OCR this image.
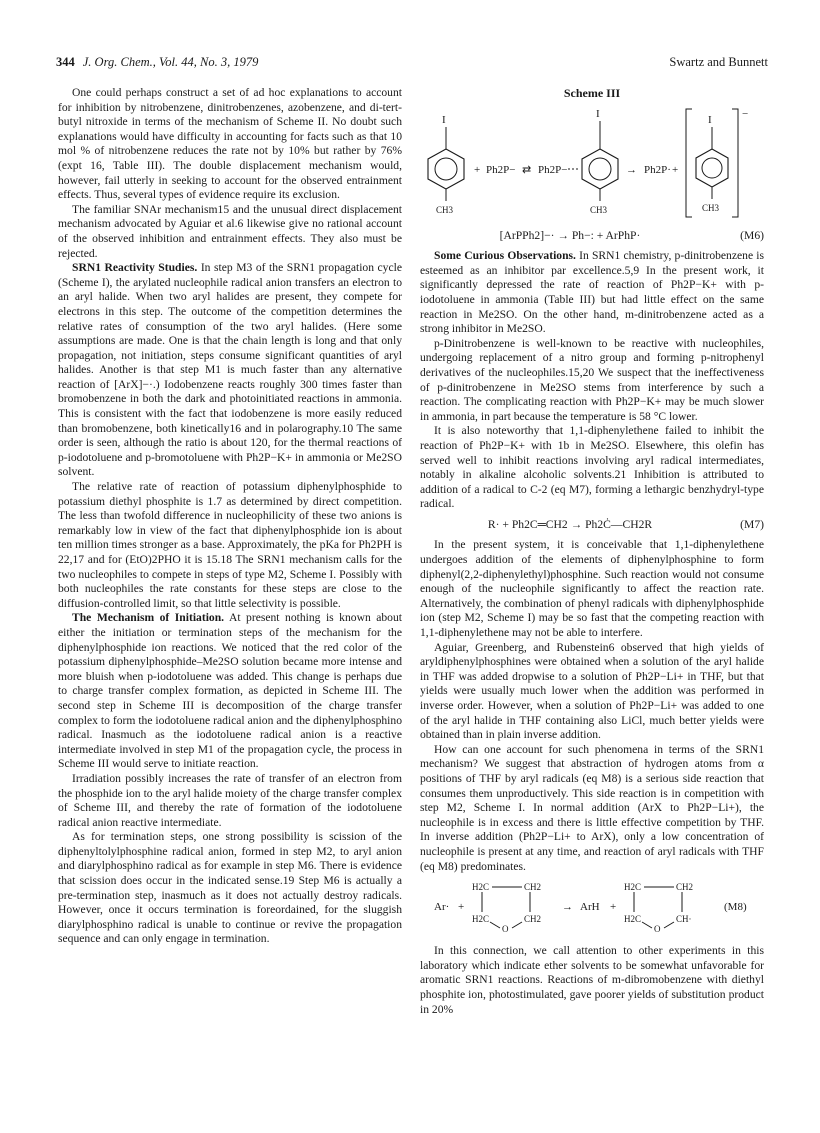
344 J. Org. Chem., Vol. 44, No. 3, 1979	Swartz and Bunnett

One could perhaps construct a set of ad hoc explanations to account for inhibition by nitrobenzene, dinitrobenzenes, azobenzene, and di-tert-butyl nitroxide in terms of the mechanism of Scheme II. No doubt such explanations would have difficulty in accounting for facts such as that 10 mol % of nitrobenzene reduces the rate not by 10% but rather by 76% (expt 16, Table III). The double displacement mechanism would, however, fail utterly in seeking to account for the observed entrainment effects. Thus, several types of evidence require its exclusion.

The familiar SNAr mechanism15 and the unusual direct displacement mechanism advocated by Aguiar et al.6 likewise give no rational account of the observed inhibition and entrainment effects. They also must be rejected.

SRN1 Reactivity Studies. In step M3 of the SRN1 propagation cycle (Scheme I), the arylated nucleophile radical anion transfers an electron to an aryl halide. When two aryl halides are present, they compete for electrons in this step. The outcome of the competition determines the relative rates of consumption of the two aryl halides. (Here some assumptions are made. One is that the chain length is long and that only propagation, not initiation, steps consume significant quantities of aryl halides. Another is that step M1 is much faster than any alternative reaction of [ArX]−·.) Iodobenzene reacts roughly 300 times faster than bromobenzene in both the dark and photoinitiated reactions in ammonia. This is consistent with the fact that iodobenzene is more easily reduced than bromobenzene, both kinetically16 and in polarography.10 The same order is seen, although the ratio is about 120, for the thermal reactions of p-iodotoluene and p-bromotoluene with Ph2P−K+ in ammonia or Me2SO solvent.

The relative rate of reaction of potassium diphenylphosphide to potassium diethyl phosphite is 1.7 as determined by direct competition. The less than twofold difference in nucleophilicity of these two anions is remarkably low in view of the fact that diphenylphosphide ion is about ten million times stronger as a base. Approximately, the pKa for Ph2PH is 22,17 and for (EtO)2PHO it is 15.18 The SRN1 mechanism calls for the two nucleophiles to compete in steps of type M2, Scheme I. Possibly with both nucleophiles the rate constants for these steps are close to the diffusion-controlled limit, so that little selectivity is possible.

The Mechanism of Initiation. At present nothing is known about either the initiation or termination steps of the mechanism for the diphenylphosphide ion reactions. We noticed that the red color of the potassium diphenylphosphide–Me2SO solution became more intense and more bluish when p-iodotoluene was added. This change is perhaps due to charge transfer complex formation, as depicted in Scheme III. The second step in Scheme III is decomposition of the charge transfer complex to form the iodotoluene radical anion and the diphenylphosphino radical. Inasmuch as the iodotoluene radical anion is a reactive intermediate involved in step M1 of the propagation cycle, the process in Scheme III would serve to initiate reaction.

Irradiation possibly increases the rate of transfer of an electron from the phosphide ion to the aryl halide moiety of the charge transfer complex of Scheme III, and thereby the rate of formation of the iodotoluene radical anion reactive intermediate.

As for termination steps, one strong possibility is scission of the diphenyltolylphosphine radical anion, formed in step M2, to aryl anion and diarylphosphino radical as for example in step M6. There is evidence that scission does occur in the indicated sense.19 Step M6 is actually a pre-termination step, inasmuch as it does not actually destroy radicals. However, once it occurs termination is foreordained, for the sluggish diarylphosphino radical is unable to continue or revive the propagation sequence and can only engage in termination.

Scheme III
I
CH3
+ Ph2P− ⇄ Ph2P−
I
CH3
→ Ph2P· +
−
I
CH3
[ArPPh2]−· → Ph−: + ArPhP·	(M6)

Some Curious Observations. In SRN1 chemistry, p-dinitrobenzene is esteemed as an inhibitor par excellence.5,9 In the present work, it significantly depressed the rate of reaction of Ph2P−K+ with p-iodotoluene in ammonia (Table III) but had little effect on the same reaction in Me2SO. On the other hand, m-dinitrobenzene acted as a strong inhibitor in Me2SO.

p-Dinitrobenzene is well-known to be reactive with nucleophiles, undergoing replacement of a nitro group and forming p-nitrophenyl derivatives of the nucleophiles.15,20 We suspect that the ineffectiveness of p-dinitrobenzene in Me2SO stems from interference by such a reaction. The complicating reaction with Ph2P−K+ may be much slower in ammonia, in part because the temperature is 58 °C lower.

It is also noteworthy that 1,1-diphenylethene failed to inhibit the reaction of Ph2P−K+ with 1b in Me2SO. Elsewhere, this olefin has served well to inhibit reactions involving aryl radical intermediates, notably in alkaline alcoholic solvents.21 Inhibition is attributed to addition of a radical to C-2 (eq M7), forming a lethargic benzhydryl-type radical.

R· + Ph2C═CH2 → Ph2Ċ—CH2R	(M7)

In the present system, it is conceivable that 1,1-diphenylethene undergoes addition of the elements of diphenylphosphine to form diphenyl(2,2-diphenylethyl)phosphine. Such reaction would not consume enough of the nucleophile significantly to affect the reaction rate. Alternatively, the combination of phenyl radicals with diphenylphosphide ion (step M2, Scheme I) may be so fast that the competing reaction with 1,1-diphenylethene may not be able to interfere.

Aguiar, Greenberg, and Rubenstein6 observed that high yields of aryldiphenylphosphines were obtained when a solution of the aryl halide in THF was added dropwise to a solution of Ph2P−Li+ in THF, but that yields were usually much lower when the addition was performed in inverse order. However, when a solution of Ph2P−Li+ was added to one of the aryl halide in THF containing also LiCl, much better yields were obtained than in plain inverse addition.

How can one account for such phenomena in terms of the SRN1 mechanism? We suggest that abstraction of hydrogen atoms from α positions of THF by aryl radicals (eq M8) is a serious side reaction that consumes them unproductively. This side reaction is in competition with step M2, Scheme I. In normal addition (ArX to Ph2P−Li+), the nucleophile is in excess and there is little effective competition by THF. In inverse addition (Ph2P−Li+ to ArX), only a low concentration of nucleophile is present at any time, and reaction of aryl radicals with THF (eq M8) predominates.

Ar· +
H2C	CH2
H2C	CH2
O
→ ArH +
H2C	CH2
H2C	CH·
O
(M8)

In this connection, we call attention to other experiments in this laboratory which indicate ether solvents to be somewhat unfavorable for aromatic SRN1 reactions. Reactions of m-dibromobenzene with diethyl phosphite ion, photostimulated, gave poorer yields of substitution product in 20%
